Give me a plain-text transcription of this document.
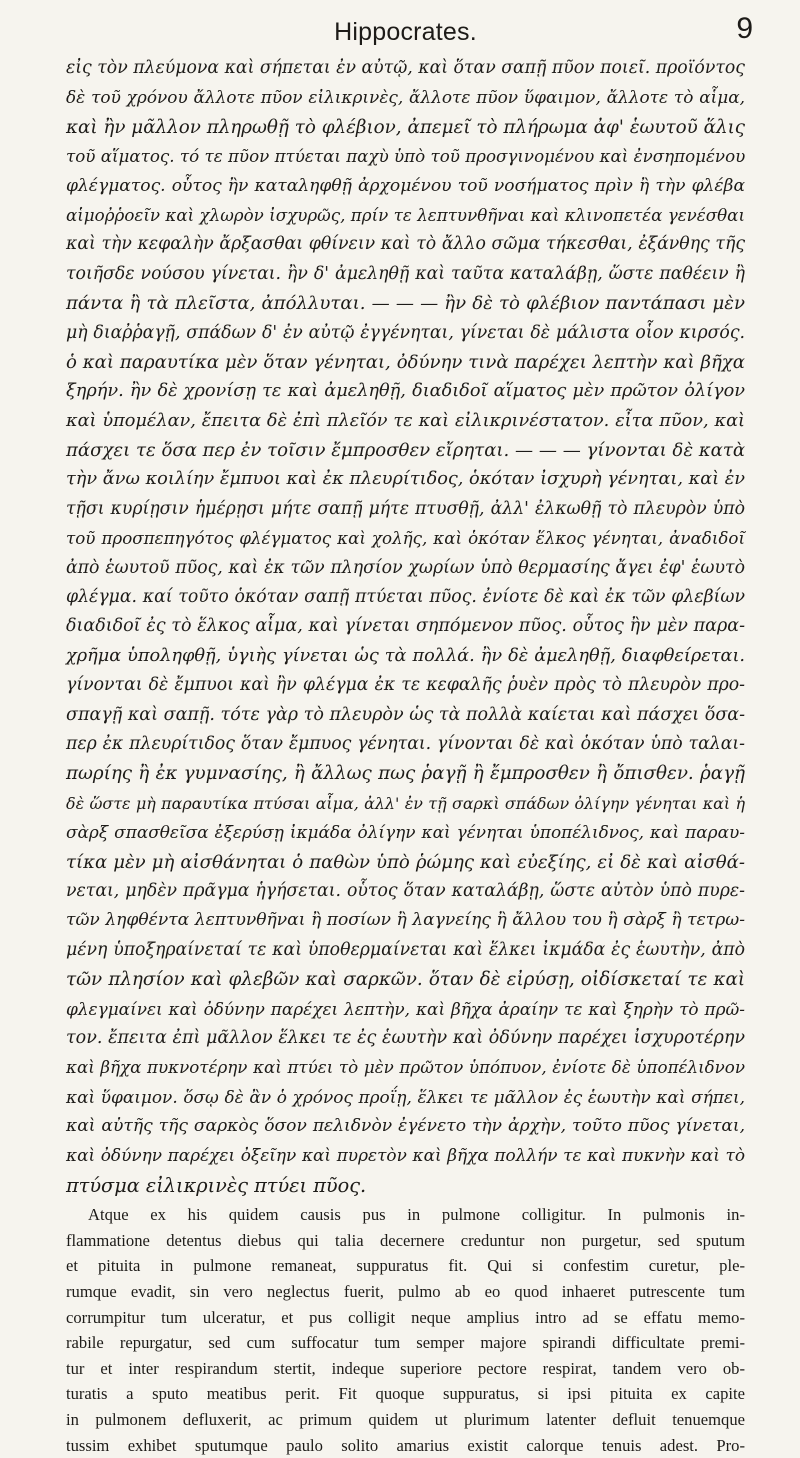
Hippocrates.	9
εἰς τὸν πλεύμονα καὶ σήπεται ἐν αὐτῷ, καὶ ὅταν σαπῇ πῦον ποιεῖ. προϊόντος
δὲ τοῦ χρόνου ἄλλοτε πῦον εἰλικρινὲς, ἄλλοτε πῦον ὕφαιμον, ἄλλοτε τὸ αἷμα,
καὶ ἢν μᾶλλον πληρωθῇ τὸ φλέβιον, ἀπεμεῖ τὸ πλήρωμα ἀφ' ἑωυτοῦ ἅλις
τοῦ αἵματος. τό τε πῦον πτύεται παχὺ ὑπὸ τοῦ προσγινομένου καὶ ἐνσηπομένου
φλέγματος. οὗτος ἢν καταληφθῇ ἀρχομένου τοῦ νοσήματος πρὶν ἢ τὴν φλέβα
αἱμοῤῥοεῖν καὶ χλωρὸν ἰσχυρῶς, πρίν τε λεπτυνθῆναι καὶ κλινοπετέα γενέσθαι
καὶ τὴν κεφαλὴν ἄρξασθαι φθίνειν καὶ τὸ ἄλλο σῶμα τήκεσθαι, ἐξάνθης τῆς
τοιῆσδε νούσου γίνεται. ἢν δ' ἀμεληθῇ καὶ ταῦτα καταλάβῃ, ὥστε παθέειν ἢ
πάντα ἢ τὰ πλεῖστα, ἀπόλλυται. — — — ἢν δὲ τὸ φλέβιον παντάπασι μὲν
μὴ διαῤῥαγῇ, σπάδων δ' ἐν αὐτῷ ἐγγένηται, γίνεται δὲ μάλιστα οἷον κιρσός.
ὁ καὶ παραυτίκα μὲν ὅταν γένηται, ὀδύνην τινὰ παρέχει λεπτὴν καὶ βῆχα
ξηρήν. ἢν δὲ χρονίσῃ τε καὶ ἀμεληθῇ, διαδιδοῖ αἵματος μὲν πρῶτον ὀλίγον
καὶ ὑπομέλαν, ἔπειτα δὲ ἐπὶ πλεῖόν τε καὶ εἰλικρινέστατον. εἶτα πῦον, καὶ
πάσχει τε ὅσα περ ἐν τοῖσιν ἔμπροσθεν εἴρηται. — — — γίνονται δὲ κατὰ
τὴν ἄνω κοιλίην ἔμπυοι καὶ ἐκ πλευρίτιδος, ὁκόταν ἰσχυρὴ γένηται, καὶ ἐν
τῇσι κυρίῃσιν ἡμέρῃσι μήτε σαπῇ μήτε πτυσθῇ, ἀλλ' ἐλκωθῇ τὸ πλευρὸν ὑπὸ
τοῦ προσπεπηγότος φλέγματος καὶ χολῆς, καὶ ὁκόταν ἕλκος γένηται, ἀναδιδοῖ
ἀπὸ ἑωυτοῦ πῦος, καὶ ἐκ τῶν πλησίον χωρίων ὑπὸ θερμασίης ἄγει ἐφ' ἑωυτὸ
φλέγμα. καί τοῦτο ὁκόταν σαπῇ πτύεται πῦος. ἐνίοτε δὲ καὶ ἐκ τῶν φλεβίων
διαδιδοῖ ἐς τὸ ἕλκος αἷμα, καὶ γίνεται σηπόμενον πῦος. οὗτος ἢν μὲν παρα-
χρῆμα ὑποληφθῇ, ὑγιὴς γίνεται ὡς τὰ πολλά. ἢν δὲ ἀμεληθῇ, διαφθείρεται.
γίνονται δὲ ἔμπυοι καὶ ἢν φλέγμα ἐκ τε κεφαλῆς ῥυὲν πρὸς τὸ πλευρὸν προ-
σπαγῇ καὶ σαπῇ. τότε γὰρ τὸ πλευρὸν ὡς τὰ πολλὰ καίεται καὶ πάσχει ὅσα-
περ ἐκ πλευρίτιδος ὅταν ἔμπυος γένηται. γίνονται δὲ καὶ ὁκόταν ὑπὸ ταλαι-
πωρίης ἢ ἐκ γυμνασίης, ἢ ἄλλως πως ῥαγῇ ἢ ἔμπροσθεν ἢ ὄπισθεν. ῥαγῇ
δὲ ὥστε μὴ παραυτίκα πτύσαι αἷμα, ἀλλ' ἐν τῇ σαρκὶ σπάδων ὀλίγην γένηται καὶ ἡ
σὰρξ σπασθεῖσα ἐξερύσῃ ἰκμάδα ὀλίγην καὶ γένηται ὑποπέλιδνος, καὶ παραυ-
τίκα μὲν μὴ αἰσθάνηται ὁ παθὼν ὑπὸ ῥώμης καὶ εὐεξίης, εἰ δὲ καὶ αἰσθά-
νεται, μηδὲν πρᾶγμα ἡγήσεται. οὗτος ὅταν καταλάβῃ, ὥστε αὐτὸν ὑπὸ πυρε-
τῶν ληφθέντα λεπτυνθῆναι ἢ ποσίων ἢ λαγνείης ἢ ἄλλου του ἢ σὰρξ ἢ τετρω-
μένη ὑποξηραίνεταί τε καὶ ὑποθερμαίνεται καὶ ἕλκει ἰκμάδα ἐς ἑωυτὴν, ἀπὸ
τῶν πλησίον καὶ φλεβῶν καὶ σαρκῶν. ὅταν δὲ εἰρύσῃ, οἰδίσκεταί τε καὶ
φλεγμαίνει καὶ ὀδύνην παρέχει λεπτὴν, καὶ βῆχα ἀραίην τε καὶ ξηρὴν τὸ πρῶ-
τον. ἔπειτα ἐπὶ μᾶλλον ἕλκει τε ἐς ἑωυτὴν καὶ ὀδύνην παρέχει ἰσχυροτέρην
καὶ βῆχα πυκνοτέρην καὶ πτύει τὸ μὲν πρῶτον ὑπόπυον, ἐνίοτε δὲ ὑποπέλιδνον
καὶ ὕφαιμον. ὅσῳ δὲ ἂν ὁ χρόνος προΐῃ, ἕλκει τε μᾶλλον ἐς ἑωυτὴν καὶ σήπει,
καὶ αὐτῆς τῆς σαρκὸς ὅσον πελιδνὸν ἐγένετο τὴν ἀρχὴν, τοῦτο πῦος γίνεται,
καὶ ὀδύνην παρέχει ὀξεῖην καὶ πυρετὸν καὶ βῆχα πολλήν τε καὶ πυκνὴν καὶ τὸ
πτύσμα εἰλικρινὲς πτύει πῦος.
Atque ex his quidem causis pus in pulmone colligitur. In pulmonis in-
flammatione detentus diebus qui talia decernere creduntur non purgetur, sed sputum
et pituita in pulmone remaneat, suppuratus fit. Qui si confestim curetur, ple-
rumque evadit, sin vero neglectus fuerit, pulmo ab eo quod inhaeret putrescente tum
corrumpitur tum ulceratur, et pus colligit neque amplius intro ad se effatu memo-
rabile repurgatur, sed cum suffocatur tum semper majore spirandi difficultate premi-
tur et inter respirandum stertit, indeque superiore pectore respirat, tandem vero ob-
turatis a sputo meatibus perit. Fit quoque suppuratus, si ipsi pituita ex capite
in pulmonem defluxerit, ac primum quidem ut plurimum latenter defluit tenuemque
tussim exhibet sputumque paulo solito amarius existit calorque tenuis adest. Pro-
